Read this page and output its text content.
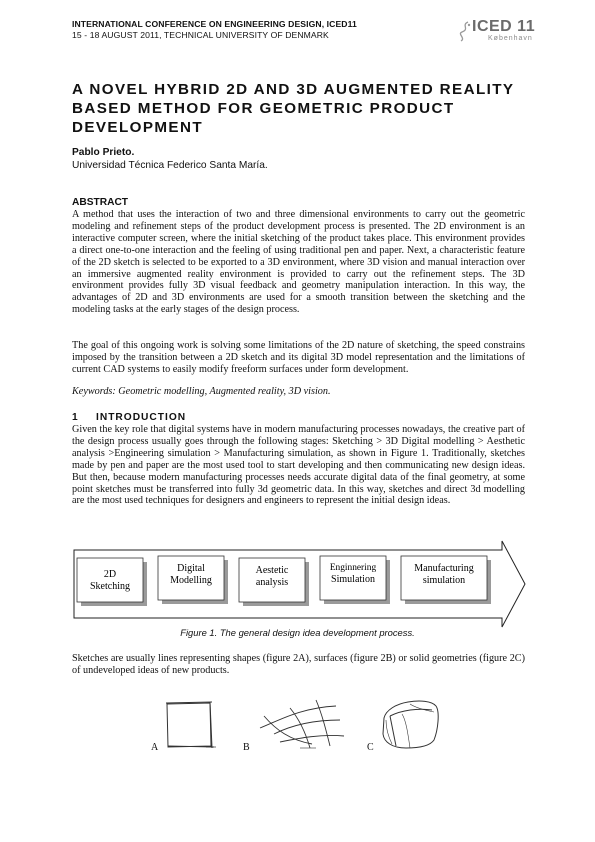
INTERNATIONAL CONFERENCE ON ENGINEERING DESIGN, ICED11
15 - 18 AUGUST 2011, TECHNICAL UNIVERSITY OF DENMARK	ICED 11
København
A NOVEL HYBRID 2D AND 3D AUGMENTED REALITY BASED METHOD FOR GEOMETRIC PRODUCT DEVELOPMENT
Pablo Prieto.
Universidad Técnica Federico Santa María.
ABSTRACT
A method that uses the interaction of two and three dimensional environments to carry out the geometric modeling and refinement steps of the product development process is presented. The 2D environment is an interactive computer screen, where the initial sketching of the product takes place. This environment provides a direct one-to-one interaction and the feeling of using traditional pen and paper. Next, a characteristic feature of the 2D sketch is selected to be exported to a 3D environment, where 3D vision and manual interaction over an immersive augmented reality environment is provided to carry out the refinement steps. The 3D environment provides fully 3D visual feedback and geometry manipulation interaction. In this way, the advantages of 2D and 3D environments are used for a smooth transition between the sketching and the modeling tasks at the early stages of the design process.
The goal of this ongoing work is solving some limitations of the 2D nature of sketching, the speed constrains imposed by the transition between a 2D sketch and its digital 3D model representation and the limitations of current CAD systems to easily modify freeform surfaces under form development.
Keywords: Geometric modelling, Augmented reality, 3D vision.
1 INTRODUCTION
Given the key role that digital systems have in modern manufacturing processes nowadays, the creative part of the design process usually goes through the following stages: Sketching > 3D Digital modelling > Aesthetic analysis >Engineering simulation > Manufacturing simulation, as shown in Figure 1. Traditionally, sketches made by pen and paper are the most used tool to start developing and then communicating new design ideas. But then, because modern manufacturing processes needs accurate digital data of the final geometry, at some point sketches must be transferred into fully 3d geometric data. In this way, sketches and direct 3d modelling are the most used techniques for designers and engineers to represent the initial design ideas.
2D
Sketching
Digital
Modelling
Aestetic
analysis
Enginnering
Simulation
Manufacturing
simulation
Figure 1. The general design idea development process.
Sketches are usually lines representing shapes (figure 2A), surfaces (figure 2B) or solid geometries (figure 2C) of undeveloped ideas of new products.
A	B	C
